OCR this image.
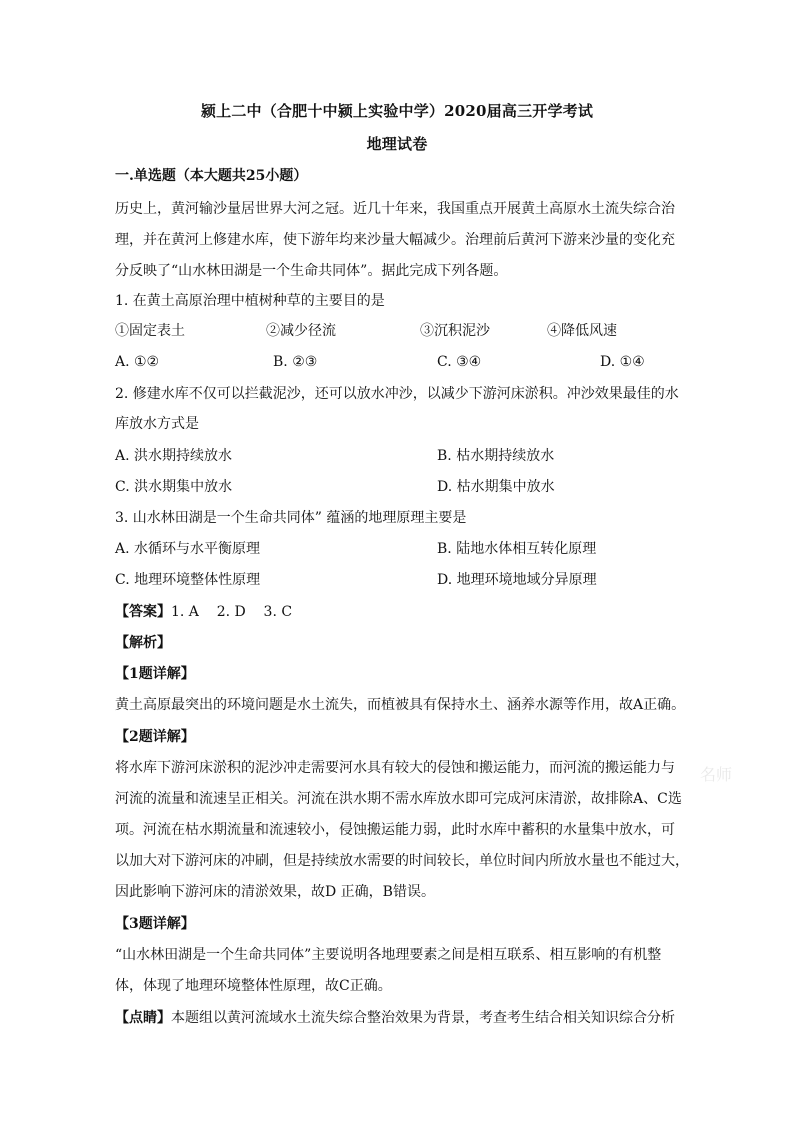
颍上二中（合肥十中颍上实验中学）2020届高三开学考试
地理试卷
一.单选题（本大题共25小题）
历史上，黄河输沙量居世界大河之冠。近几十年来，我国重点开展黄土高原水土流失综合治
理，并在黄河上修建水库，使下游年均来沙量大幅减少。治理前后黄河下游来沙量的变化充
分反映了“山水林田湖是一个生命共同体”。据此完成下列各题。
1. 在黄土高原治理中植树种草的主要目的是
①固定表土	②减少径流	③沉积泥沙	④降低风速
A. ①②	B. ②③	C. ③④	D. ①④
2. 修建水库不仅可以拦截泥沙，还可以放水冲沙，以减少下游河床淤积。冲沙效果最佳的水
库放水方式是
A. 洪水期持续放水	B. 枯水期持续放水
C. 洪水期集中放水	D. 枯水期集中放水
3. 山水林田湖是一个生命共同体” 蕴涵的地理原理主要是
A. 水循环与水平衡原理	B. 陆地水体相互转化原理
C. 地理环境整体性原理	D. 地理环境地域分异原理
【答案】1. A    2. D    3. C
【解析】
【1题详解】
黄土高原最突出的环境问题是水土流失，而植被具有保持水土、涵养水源等作用，故A正确。
【2题详解】
将水库下游河床淤积的泥沙冲走需要河水具有较大的侵蚀和搬运能力，而河流的搬运能力与
河流的流量和流速呈正相关。河流在洪水期不需水库放水即可完成河床清淤，故排除A、C选
项。河流在枯水期流量和流速较小，侵蚀搬运能力弱，此时水库中蓄积的水量集中放水，可
以加大对下游河床的冲刷，但是持续放水需要的时间较长，单位时间内所放水量也不能过大，
因此影响下游河床的清淤效果，故D 正确，B错误。
【3题详解】
“山水林田湖是一个生命共同体”主要说明各地理要素之间是相互联系、相互影响的有机整
体，体现了地理环境整体性原理，故C正确。
【点睛】本题组以黄河流域水土流失综合整治效果为背景，考查考生结合相关知识综合分析
名师
